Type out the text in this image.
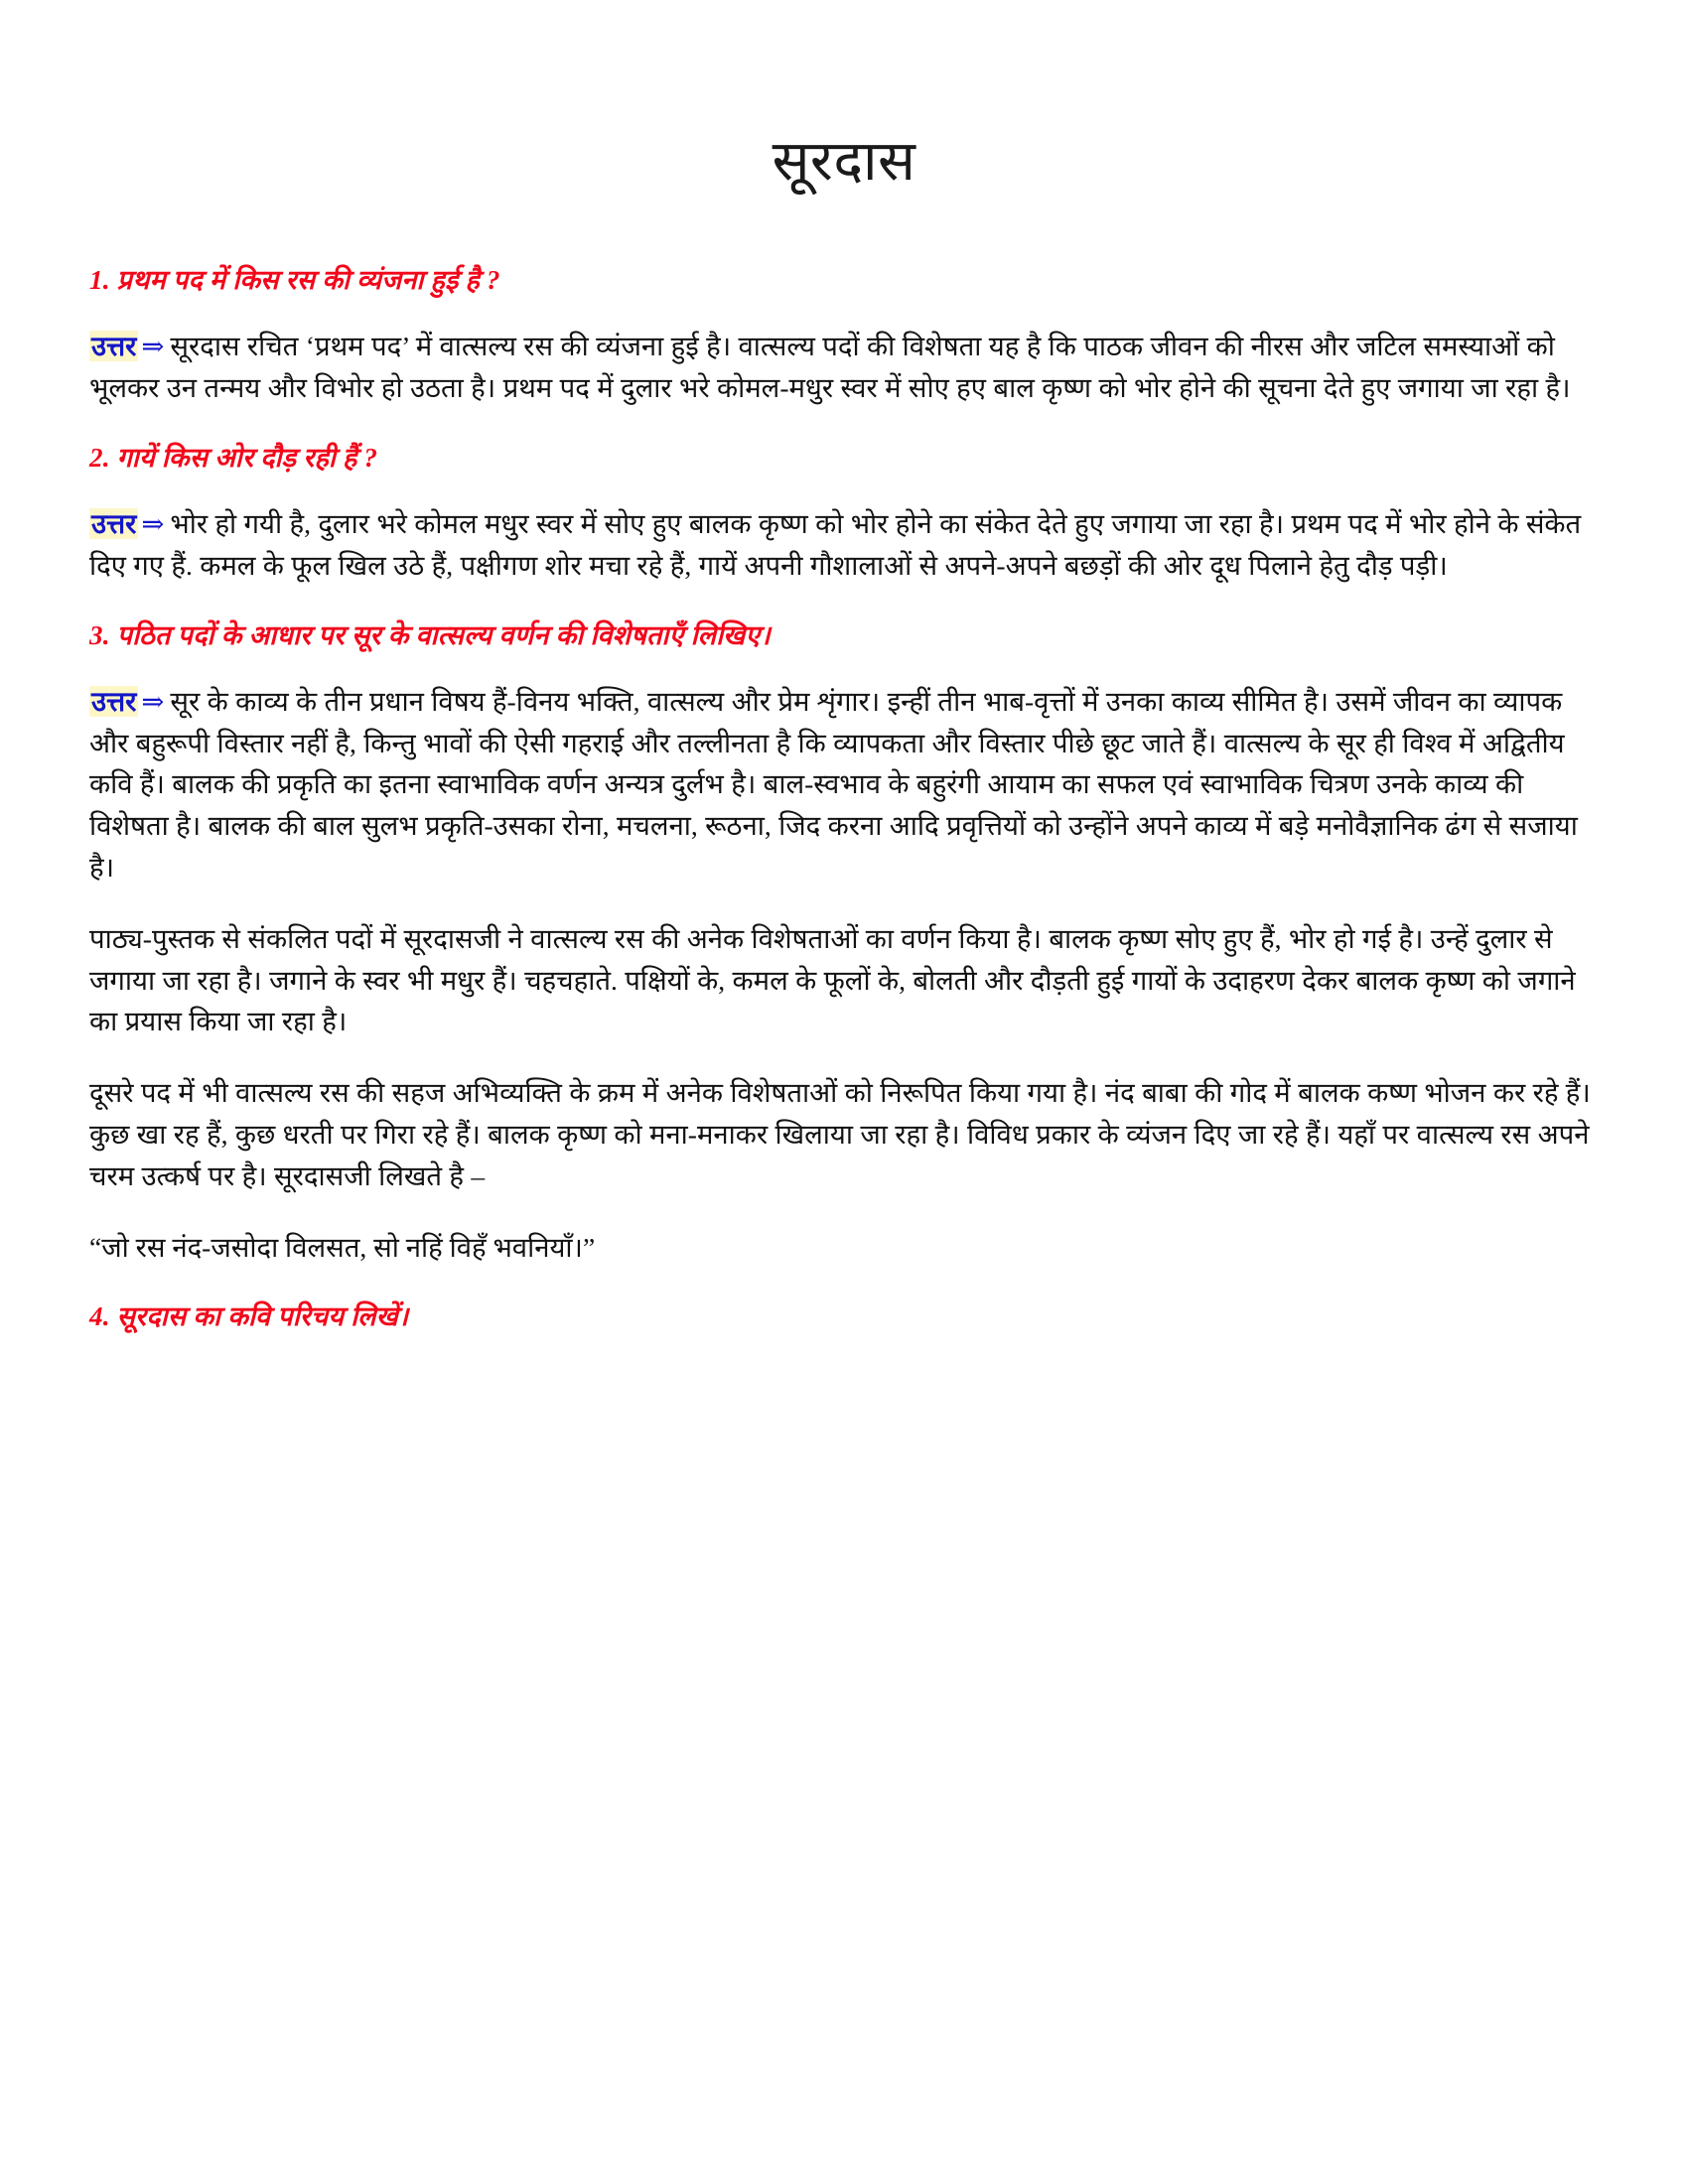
सूरदास
1. प्रथम पद में किस रस की व्यंजना हुई है ?

उत्तर ⇒ सूरदास रचित ‘प्रथम पद’ में वात्सल्य रस की व्यंजना हुई है। वात्सल्य पदों की विशेषता यह है कि पाठक जीवन की नीरस और जटिल समस्याओं को भूलकर उन तन्मय और विभोर हो उठता है। प्रथम पद में दुलार भरे कोमल-मधुर स्वर में सोए हए बाल कृष्ण को भोर होने की सूचना देते हुए जगाया जा रहा है।

2. गायें किस ओर दौड़ रही हैं ?

उत्तर ⇒ भोर हो गयी है, दुलार भरे कोमल मधुर स्वर में सोए हुए बालक कृष्ण को भोर होने का संकेत देते हुए जगाया जा रहा है। प्रथम पद में भोर होने के संकेत दिए गए हैं. कमल के फूल खिल उठे हैं, पक्षीगण शोर मचा रहे हैं, गायें अपनी गौशालाओं से अपने-अपने बछड़ों की ओर दूध पिलाने हेतु दौड़ पड़ी।

3. पठित पदों के आधार पर सूर के वात्सल्य वर्णन की विशेषताएँ लिखिए।

उत्तर ⇒ सूर के काव्य के तीन प्रधान विषय हैं-विनय भक्ति, वात्सल्य और प्रेम शृंगार। इन्हीं तीन भाब-वृत्तों में उनका काव्य सीमित है। उसमें जीवन का व्यापक और बहुरूपी विस्तार नहीं है, किन्तु भावों की ऐसी गहराई और तल्लीनता है कि व्यापकता और विस्तार पीछे छूट जाते हैं। वात्सल्य के सूर ही विश्व में अद्वितीय कवि हैं। बालक की प्रकृति का इतना स्वाभाविक वर्णन अन्यत्र दुर्लभ है। बाल-स्वभाव के बहुरंगी आयाम का सफल एवं स्वाभाविक चित्रण उनके काव्य की विशेषता है। बालक की बाल सुलभ प्रकृति-उसका रोना, मचलना, रूठना, जिद करना आदि प्रवृत्तियों को उन्होंने अपने काव्य में बड़े मनोवैज्ञानिक ढंग से सजाया है।

पाठ्य-पुस्तक से संकलित पदों में सूरदासजी ने वात्सल्य रस की अनेक विशेषताओं का वर्णन किया है। बालक कृष्ण सोए हुए हैं, भोर हो गई है। उन्हें दुलार से जगाया जा रहा है। जगाने के स्वर भी मधुर हैं। चहचहाते. पक्षियों के, कमल के फूलों के, बोलती और दौड़ती हुई गायों के उदाहरण देकर बालक कृष्ण को जगाने का प्रयास किया जा रहा है।

दूसरे पद में भी वात्सल्य रस की सहज अभिव्यक्ति के क्रम में अनेक विशेषताओं को निरूपित किया गया है। नंद बाबा की गोद में बालक कष्ण भोजन कर रहे हैं। कुछ खा रह हैं, कुछ धरती पर गिरा रहे हैं। बालक कृष्ण को मना-मनाकर खिलाया जा रहा है। विविध प्रकार के व्यंजन दिए जा रहे हैं। यहाँ पर वात्सल्य रस अपने चरम उत्कर्ष पर है। सूरदासजी लिखते है –

“जो रस नंद-जसोदा विलसत, सो नहिं विहँ भवनियाँ।”

4. सूरदास का कवि परिचय लिखें।
